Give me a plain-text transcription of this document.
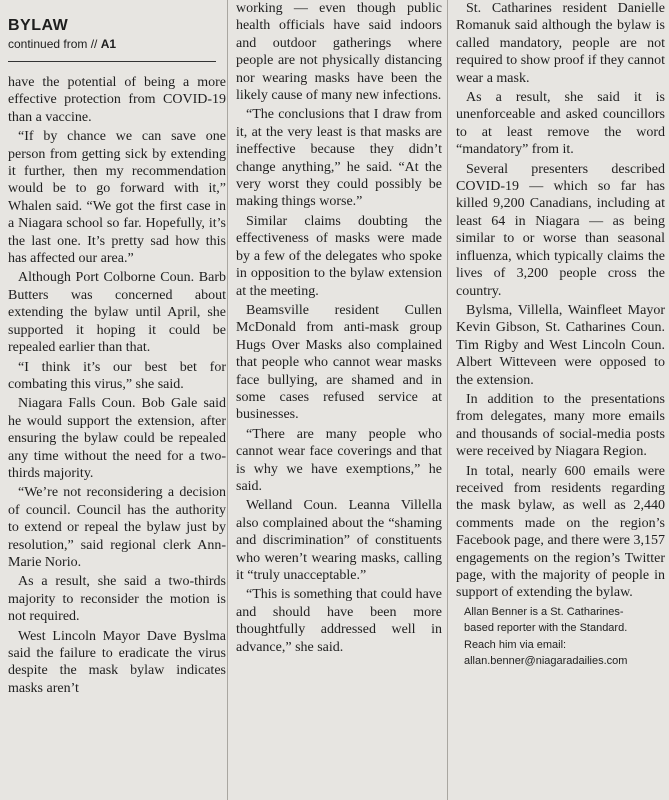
BYLAW
continued from // A1

have the potential of being a more effective protection from COVID-19 than a vaccine.

“If by chance we can save one person from getting sick by extending it further, then my recommendation would be to go forward with it,” Whalen said. “We got the first case in a Niagara school so far. Hopefully, it’s the last one. It’s pretty sad how this has affected our area.”

Although Port Colborne Coun. Barb Butters was concerned about extending the bylaw until April, she supported it hoping it could be repealed earlier than that.

“I think it’s our best bet for combating this virus,” she said.

Niagara Falls Coun. Bob Gale said he would support the extension, after ensuring the bylaw could be repealed any time without the need for a two-thirds majority.

“We’re not reconsidering a decision of council. Council has the authority to extend or repeal the bylaw just by resolution,” said regional clerk Ann-Marie Norio.

As a result, she said a two-thirds majority to reconsider the motion is not required.

West Lincoln Mayor Dave Byslma said the failure to eradicate the virus despite the mask bylaw indicates masks aren’t

working — even though public health officials have said indoors and outdoor gatherings where people are not physically distancing nor wearing masks have been the likely cause of many new infections.

“The conclusions that I draw from it, at the very least is that masks are ineffective because they didn’t change anything,” he said. “At the very worst they could possibly be making things worse.”

Similar claims doubting the effectiveness of masks were made by a few of the delegates who spoke in opposition to the bylaw extension at the meeting.

Beamsville resident Cullen McDonald from anti-mask group Hugs Over Masks also complained that people who cannot wear masks face bullying, are shamed and in some cases refused service at businesses.

“There are many people who cannot wear face coverings and that is why we have exemptions,” he said.

Welland Coun. Leanna Villella also complained about the “shaming and discrimination” of constituents who weren’t wearing masks, calling it “truly unacceptable.”

“This is something that could have and should have been more thoughtfully addressed well in advance,” she said.

St. Catharines resident Danielle Romanuk said although the bylaw is called mandatory, people are not required to show proof if they cannot wear a mask.

As a result, she said it is unenforceable and asked councillors to at least remove the word “mandatory” from it.

Several presenters described COVID-19 — which so far has killed 9,200 Canadians, including at least 64 in Niagara — as being similar to or worse than seasonal influenza, which typically claims the lives of 3,200 people cross the country.

Bylsma, Villella, Wainfleet Mayor Kevin Gibson, St. Catharines Coun. Tim Rigby and West Lincoln Coun. Albert Witteveen were opposed to the extension.

In addition to the presentations from delegates, many more emails and thousands of social-media posts were received by Niagara Region.

In total, nearly 600 emails were received from residents regarding the mask bylaw, as well as 2,440 comments made on the region’s Facebook page, and there were 3,157 engagements on the region’s Twitter page, with the majority of people in support of extending the bylaw.

Allan Benner is a St. Catharines-
based reporter with the Standard.
Reach him via email:
allan.benner@niagaradailies.com
